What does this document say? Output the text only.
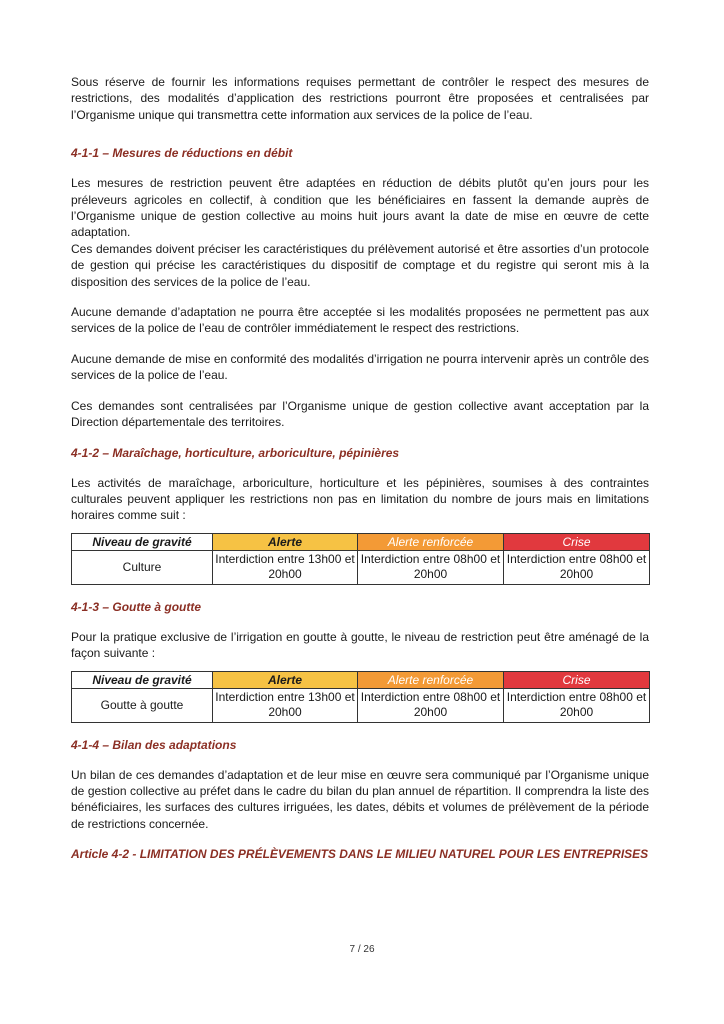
Sous réserve de fournir les informations requises permettant de contrôler le respect des mesures de restrictions, des modalités d’application des restrictions pourront être proposées et centralisées par l’Organisme unique qui transmettra cette information aux services de la police de l’eau.

4-1-1 – Mesures de réductions en débit

Les mesures de restriction peuvent être adaptées en réduction de débits plutôt qu’en jours pour les préleveurs agricoles en collectif, à condition que les bénéficiaires en fassent la demande auprès de l’Organisme unique de gestion collective au moins huit jours avant la date de mise en œuvre de cette adaptation.

Ces demandes doivent préciser les caractéristiques du prélèvement autorisé et être assorties d’un protocole de gestion qui précise les caractéristiques du dispositif de comptage et du registre qui seront mis à la disposition des services de la police de l’eau.

Aucune demande d’adaptation ne pourra être acceptée si les modalités proposées ne permettent pas aux services de la police de l’eau de contrôler immédiatement le respect des restrictions.

Aucune demande de mise en conformité des modalités d’irrigation ne pourra intervenir après un contrôle des services de la police de l’eau.

Ces demandes sont centralisées par l’Organisme unique de gestion collective avant acceptation par la Direction départementale des territoires.

4-1-2 – Maraîchage, horticulture, arboriculture, pépinières

Les activités de maraîchage, arboriculture, horticulture et les pépinières, soumises à des contraintes culturales peuvent appliquer les restrictions non pas en limitation du nombre de jours mais en limitations horaires comme suit :

Niveau de gravité	Alerte	Alerte renforcée	Crise
Culture	Interdiction entre 13h00 et 20h00	Interdiction entre 08h00 et 20h00	Interdiction entre 08h00 et 20h00
4-1-3 – Goutte à goutte

Pour la pratique exclusive de l’irrigation en goutte à goutte, le niveau de restriction peut être aménagé de la façon suivante :

Niveau de gravité	Alerte	Alerte renforcée	Crise
Goutte à goutte	Interdiction entre 13h00 et 20h00	Interdiction entre 08h00 et 20h00	Interdiction entre 08h00 et 20h00
4-1-4 – Bilan des adaptations

Un bilan de ces demandes d’adaptation et de leur mise en œuvre sera communiqué par l’Organisme unique de gestion collective au préfet dans le cadre du bilan du plan annuel de répartition. Il comprendra la liste des bénéficiaires, les surfaces des cultures irriguées, les dates, débits et volumes de prélèvement de la période de restrictions concernée.

Article 4-2 - LIMITATION DES PRÉLÈVEMENTS DANS LE MILIEU NATUREL POUR LES ENTREPRISES
7 / 26
